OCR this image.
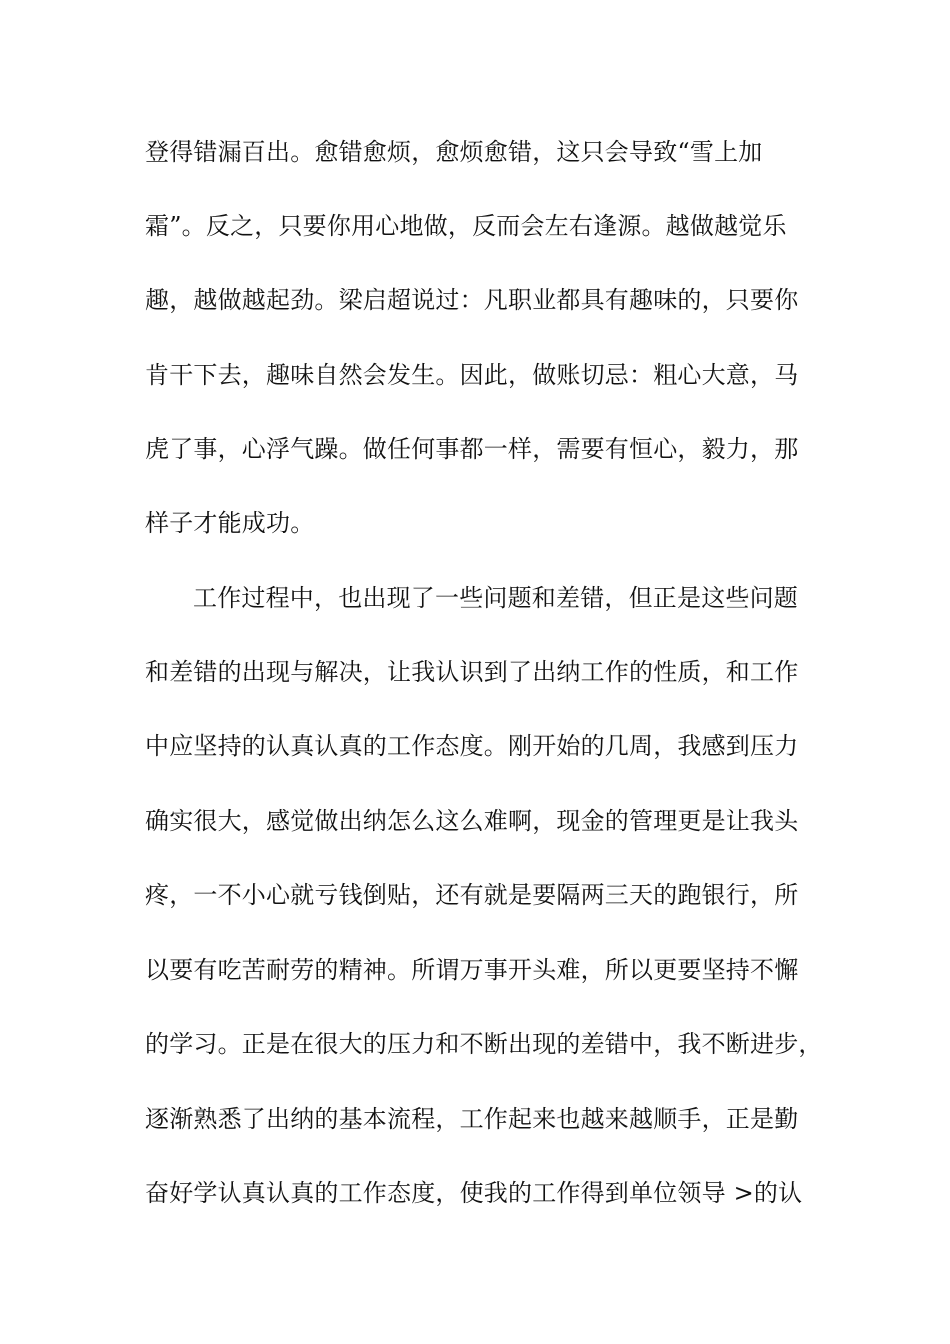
登得错漏百出。愈错愈烦，愈烦愈错，这只会导致“雪上加
霜”。反之，只要你用心地做，反而会左右逢源。越做越觉乐
趣，越做越起劲。梁启超说过：凡职业都具有趣味的，只要你
肯干下去，趣味自然会发生。因此，做账切忌：粗心大意，马
虎了事，心浮气躁。做任何事都一样，需要有恒心，毅力，那
样子才能成功。
工作过程中，也出现了一些问题和差错，但正是这些问题
和差错的出现与解决，让我认识到了出纳工作的性质，和工作
中应坚持的认真认真的工作态度。刚开始的几周，我感到压力
确实很大，感觉做出纳怎么这么难啊，现金的管理更是让我头
疼，一不小心就亏钱倒贴，还有就是要隔两三天的跑银行，所
以要有吃苦耐劳的精神。所谓万事开头难，所以更要坚持不懈
的学习。正是在很大的压力和不断出现的差错中，我不断进步，
逐渐熟悉了出纳的基本流程，工作起来也越来越顺手，正是勤
奋好学认真认真的工作态度，使我的工作得到单位领导 >的认
